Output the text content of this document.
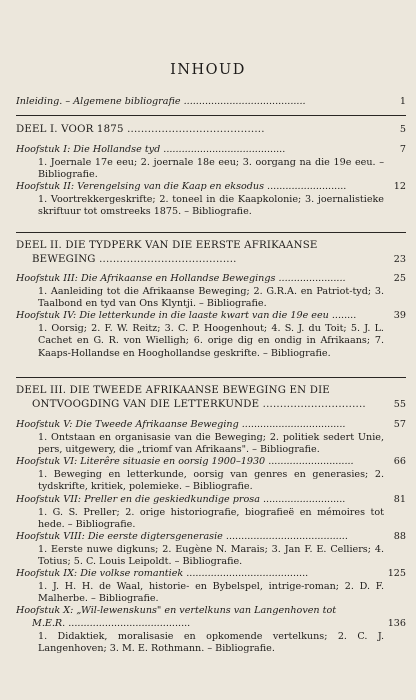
INHOUD
Inleiding. – Algemene bibliografie ........................................	1
DEEL I. VOOR 1875 ........................................	5
Hoofstuk I: Die Hollandse tyd ........................................	7
1. Joernale 17e eeu; 2. joernale 18e eeu; 3. oorgang na die 19e eeu. – Bibliografie.
Hoofstuk II: Verengelsing van die Kaap en eksodus ..........................	12
1. Voortrekkergeskrifte; 2. toneel in die Kaapkolonie; 3. joernalistieke skriftuur tot omstreeks 1875. – Bibliografie.
DEEL II. DIE TYDPERK VAN DIE EERSTE AFRIKAANSE
BEWEGING ........................................	23
Hoofstuk III: Die Afrikaanse en Hollandse Bewegings ......................	25
1. Aanleiding tot die Afrikaanse Beweging; 2. G.R.A. en Patriot-tyd; 3. Taalbond en tyd van Ons Klyntji. – Bibliografie.
Hoofstuk IV: Die letterkunde in die laaste kwart van die 19e eeu ........	39
1. Oorsig; 2. F. W. Reitz; 3. C. P. Hoogenhout; 4. S. J. du Toit; 5. J. L. Cachet en G. R. von Wielligh; 6. orige dig en ondig in Afrikaans; 7. Kaaps-Hollandse en Hooghollandse geskrifte. – Bibliografie.
DEEL III. DIE TWEEDE AFRIKAANSE BEWEGING EN DIE
ONTVOOGDING VAN DIE LETTERKUNDE ..............................	55
Hoofstuk V: Die Tweede Afrikaanse Beweging ..................................	57
1. Ontstaan en organisasie van die Beweging; 2. politiek sedert Unie, pers, uitgewery, die „triomf van Afrikaans". – Bibliografie.
Hoofstuk VI: Literêre situasie en oorsig 1900–1930 ............................	66
1. Beweging en letterkunde, oorsig van genres en generasies; 2. tydskrifte, kritiek, polemieke. – Bibliografie.
Hoofstuk VII: Preller en die geskiedkundige prosa ...........................	81
1. G. S. Preller; 2. orige historiografie, biografieë en mémoires tot hede. – Bibliografie.
Hoofstuk VIII: Die eerste digtersgenerasie ........................................	88
1. Eerste nuwe digkuns; 2. Eugène N. Marais; 3. Jan F. E. Celliers; 4. Totius; 5. C. Louis Leipoldt. – Bibliografie.
Hoofstuk IX: Die volkse romantiek ........................................	125
1. J. H. H. de Waal, historie- en Bybelspel, intrige-roman; 2. D. F. Malherbe. – Bibliografie.
Hoofstuk X: „Wil-lewenskuns" en vertelkuns van Langenhoven tot
M.E.R. ........................................	136
1. Didaktiek, moralisasie en opkomende vertelkuns; 2. C. J. Langenhoven; 3. M. E. Rothmann. – Bibliografie.
